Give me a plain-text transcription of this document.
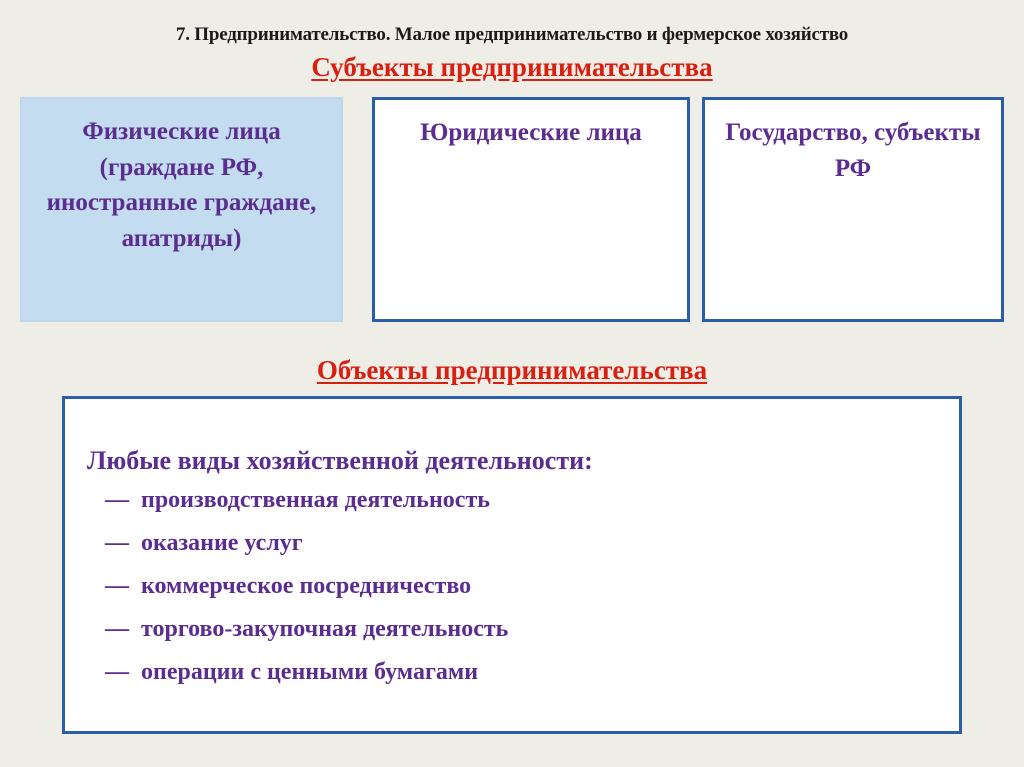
7. Предпринимательство. Малое предпринимательство и фермерское хозяйство
Субъекты предпринимательства
Физические лица (граждане РФ, иностранные граждане, апатриды)
Юридические лица	Государство, субъекты РФ
Объекты предпринимательства

Любые виды хозяйственной деятельности:

— производственная деятельность
— оказание услуг
— коммерческое посредничество
— торгово-закупочная деятельность
— операции с ценными бумагами
